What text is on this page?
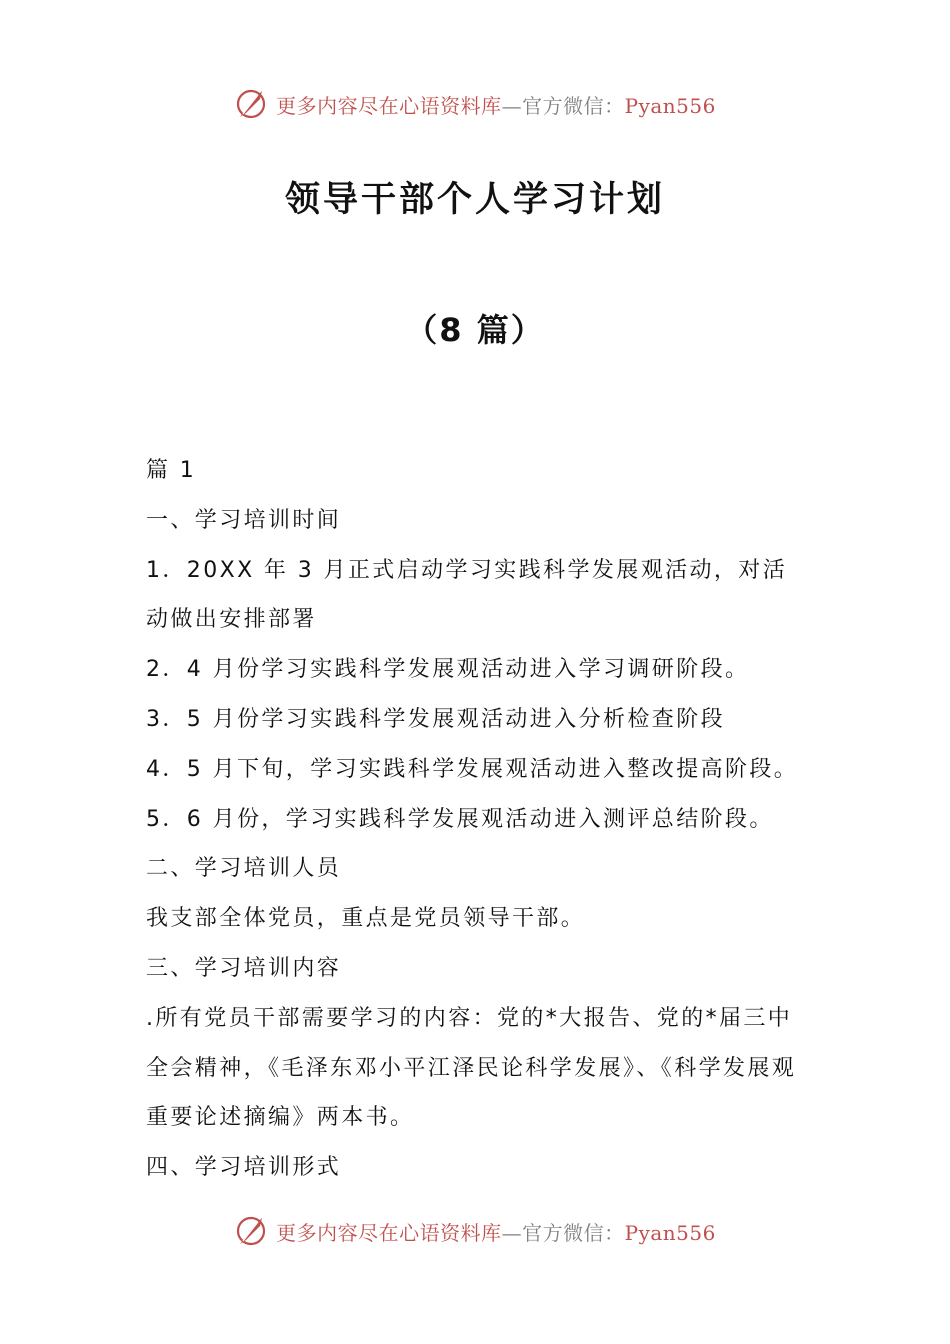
更多内容尽在心语资料库—官方微信：Pyan556
领导干部个人学习计划
（8 篇）

篇 1

一、学习培训时间

1．20XX 年 3 月正式启动学习实践科学发展观活动，对活动做出安排部署

2．4 月份学习实践科学发展观活动进入学习调研阶段。

3．5 月份学习实践科学发展观活动进入分析检查阶段

4．5 月下旬，学习实践科学发展观活动进入整改提高阶段。

5．6 月份，学习实践科学发展观活动进入测评总结阶段。

二、学习培训人员

我支部全体党员，重点是党员领导干部。

三、学习培训内容

.所有党员干部需要学习的内容：党的*大报告、党的*届三中全会精神，《毛泽东邓小平江泽民论科学发展》、《科学发展观重要论述摘编》两本书。

四、学习培训形式

更多内容尽在心语资料库—官方微信：Pyan556
